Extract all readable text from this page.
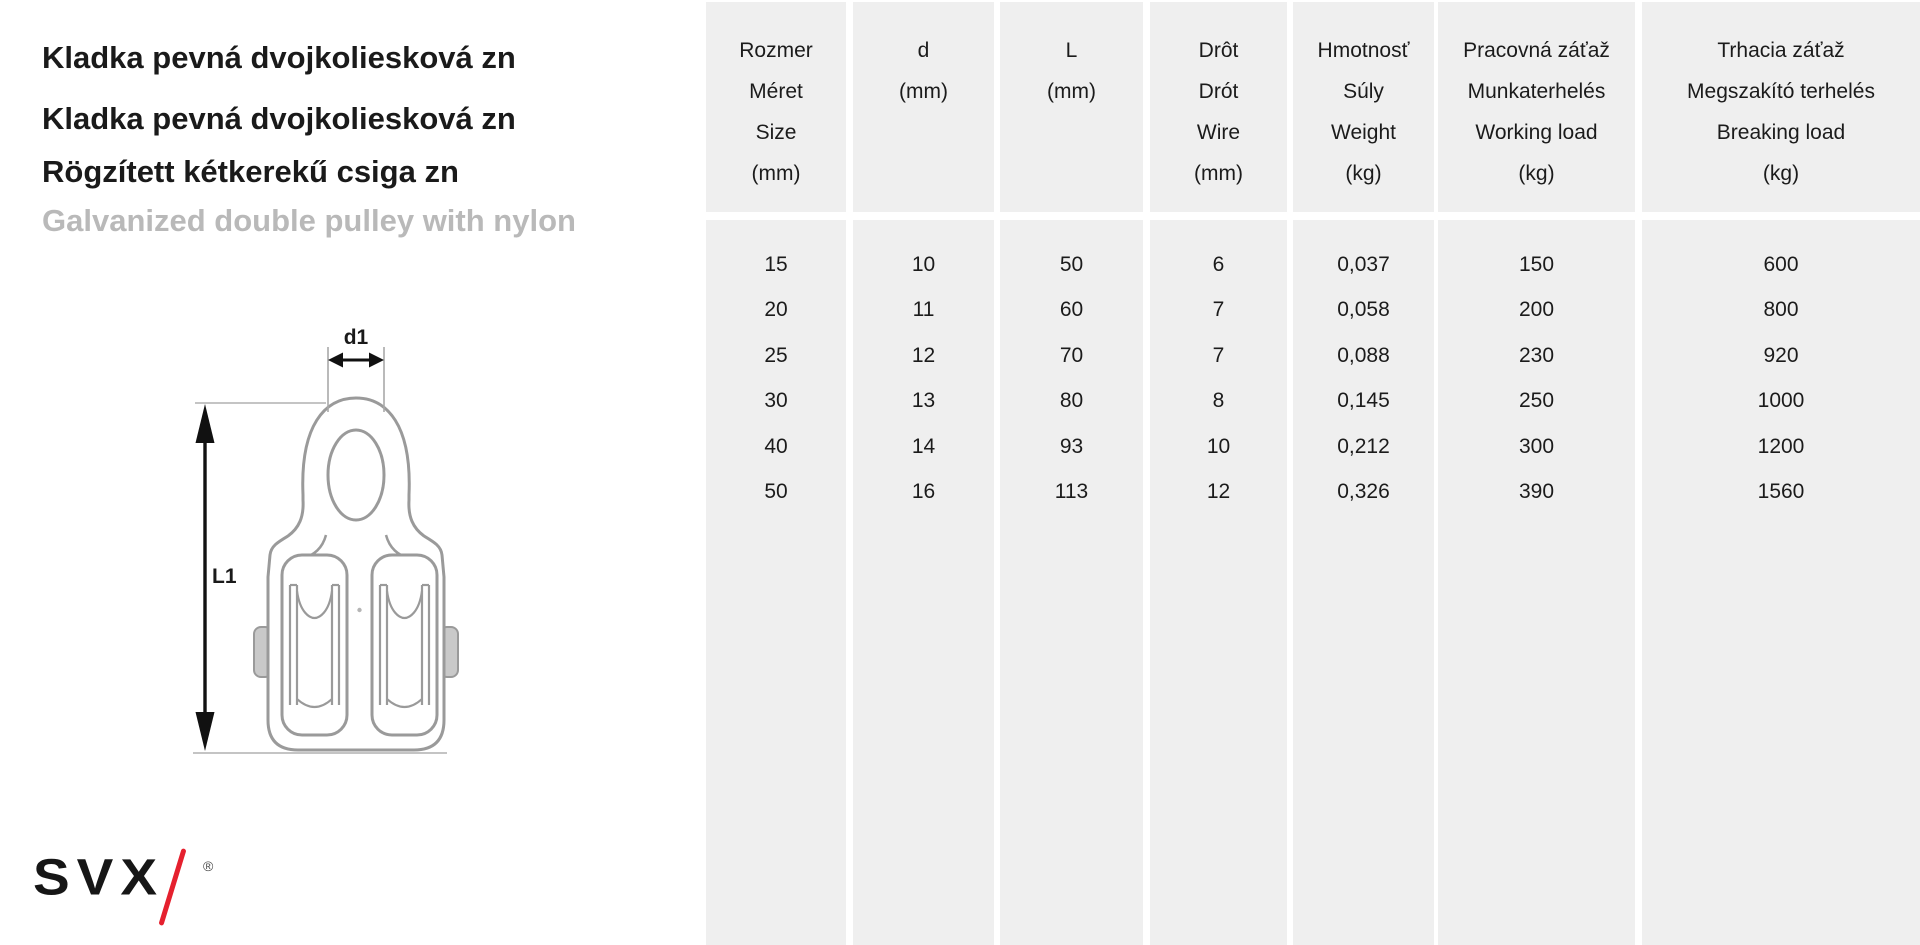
Kladka pevná dvojkoliesková zn
Kladka pevná dvojkoliesková zn
Rögzített kétkerekű csiga zn
Galvanized double pulley with nylon
d1
L1
SVX	®
Rozmer
Méret
Size
(mm)
15
20
25
30
40
50
d
(mm)
10
11
12
13
14
16
L
(mm)
50
60
70
80
93
113
Drôt
Drót
Wire
(mm)
6
7
7
8
10
12
Hmotnosť
Súly
Weight
(kg)
0,037
0,058
0,088
0,145
0,212
0,326
Pracovná záťaž
Munkaterhelés
Working load
(kg)
150
200
230
250
300
390
Trhacia záťaž
Megszakító terhelés
Breaking load
(kg)
600
800
920
1000
1200
1560
